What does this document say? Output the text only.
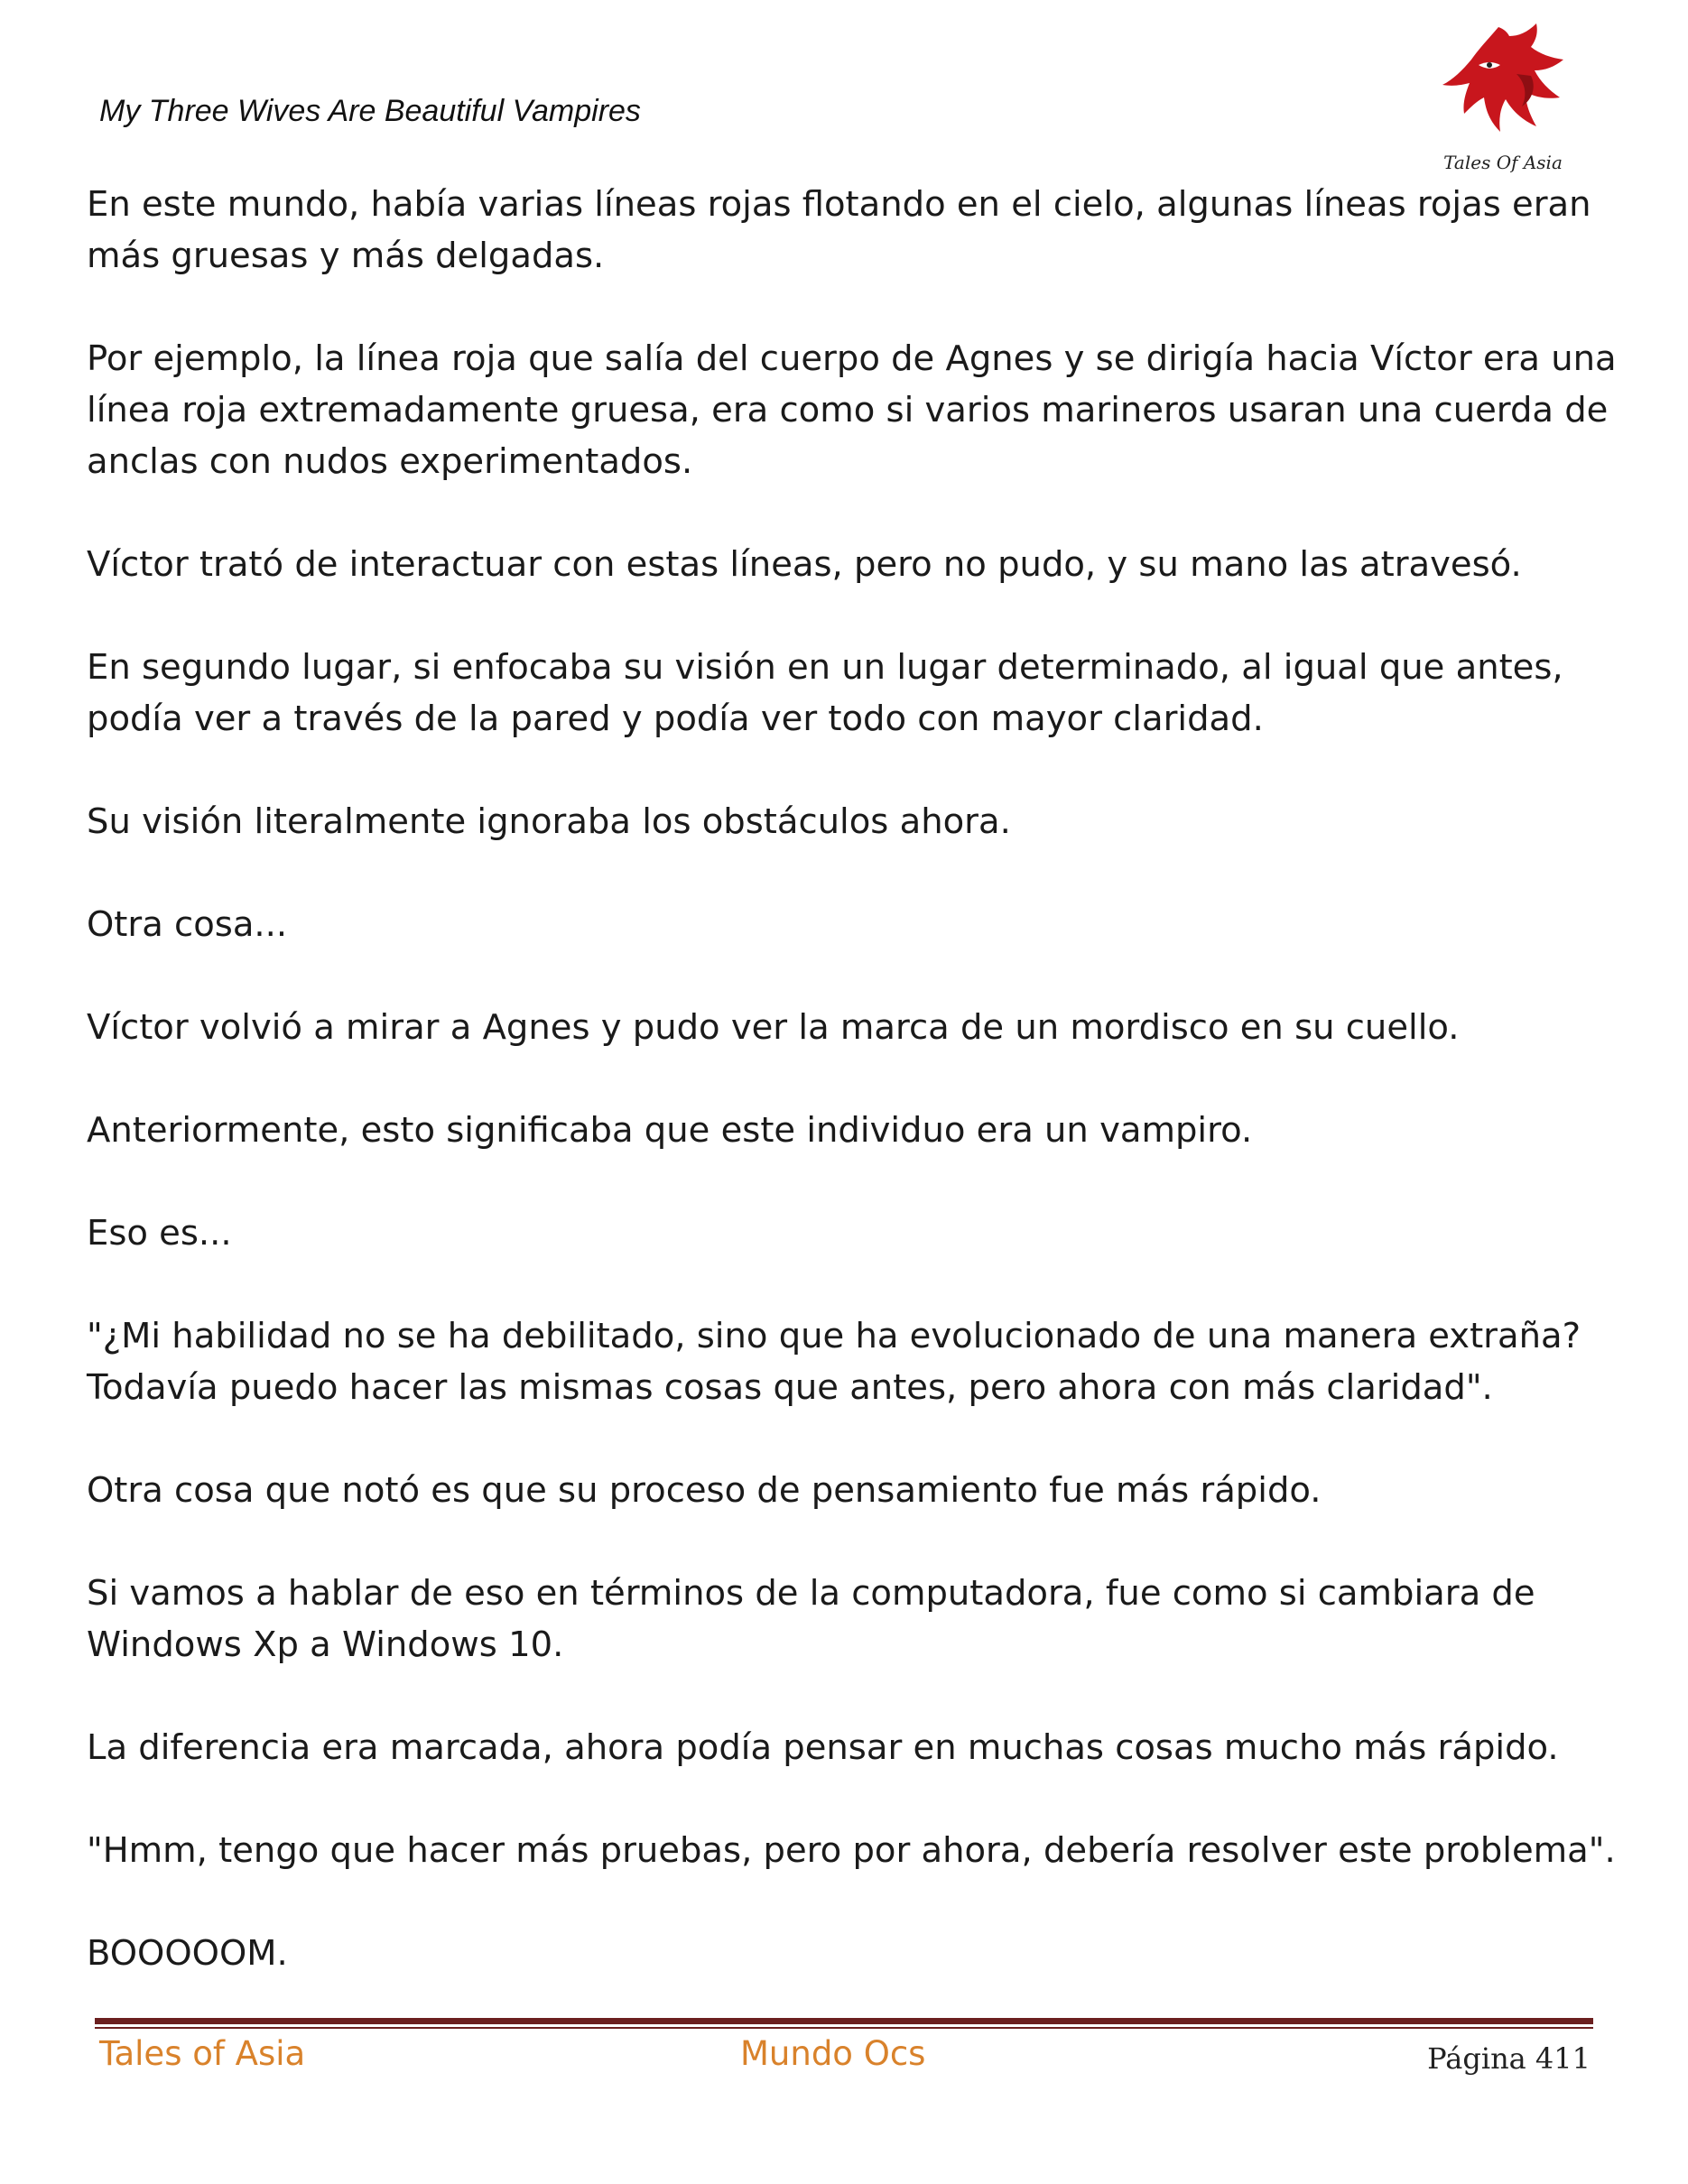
My Three Wives Are Beautiful Vampires
Tales Of Asia

En este mundo, había varias líneas rojas flotando en el cielo, algunas líneas rojas eran más gruesas y más delgadas.

Por ejemplo, la línea roja que salía del cuerpo de Agnes y se dirigía hacia Víctor era una línea roja extremadamente gruesa, era como si varios marineros usaran una cuerda de anclas con nudos experimentados.

Víctor trató de interactuar con estas líneas, pero no pudo, y su mano las atravesó.

En segundo lugar, si enfocaba su visión en un lugar determinado, al igual que antes, podía ver a través de la pared y podía ver todo con mayor claridad.

Su visión literalmente ignoraba los obstáculos ahora.

Otra cosa...

Víctor volvió a mirar a Agnes y pudo ver la marca de un mordisco en su cuello.

Anteriormente, esto significaba que este individuo era un vampiro.

Eso es...

"¿Mi habilidad no se ha debilitado, sino que ha evolucionado de una manera extraña? Todavía puedo hacer las mismas cosas que antes, pero ahora con más claridad".

Otra cosa que notó es que su proceso de pensamiento fue más rápido.

Si vamos a hablar de eso en términos de la computadora, fue como si cambiara de Windows Xp a Windows 10.

La diferencia era marcada, ahora podía pensar en muchas cosas mucho más rápido.

"Hmm, tengo que hacer más pruebas, pero por ahora, debería resolver este problema".

BOOOOOM.

Tales of Asia	Mundo Ocs	Página 411
